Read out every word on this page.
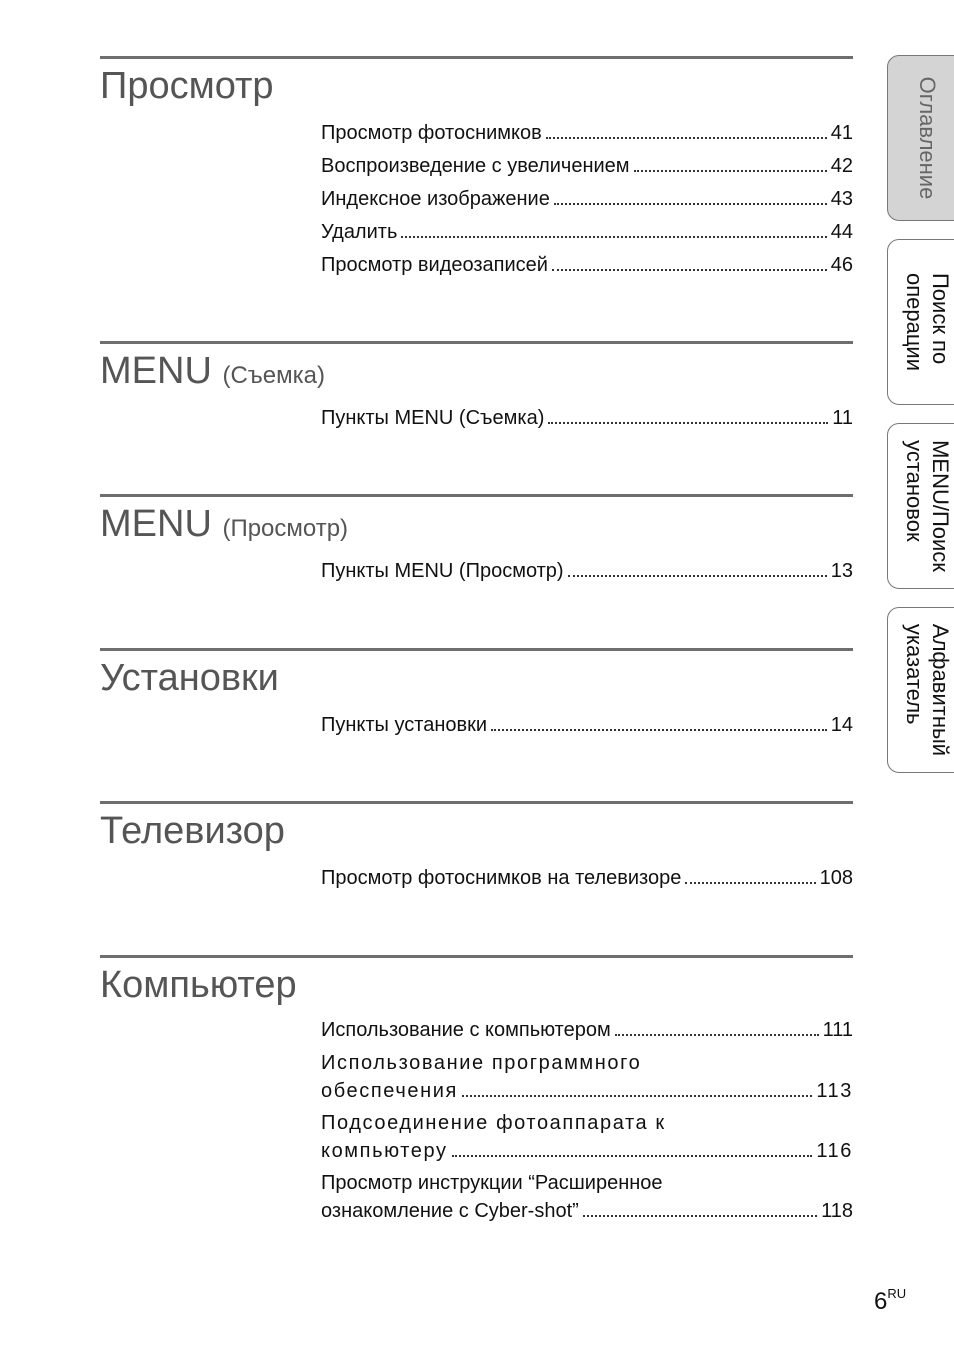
Просмотр
Просмотр фотоснимков	41
Воспроизведение с увеличением	42
Индексное изображение	43
Удалить	44
Просмотр видеозаписей	46
MENU (Съемка)
Пункты MENU (Съемка)	11
MENU (Просмотр)
Пункты MENU (Просмотр)	13
Установки
Пункты установки	14
Телевизор
Просмотр фотоснимков на телевизоре	108
Компьютер
Использование с компьютером	111
Использование программного
обеспечения	113
Подсоединение фотоаппарата к
компьютеру	116
Просмотр инструкции “Расширенное
ознакомление с Cyber-shot”	118
Оглавление
Поиск по
операции
MENU/Поиск
установок
Алфавитный
указатель
$6^{RU}$
